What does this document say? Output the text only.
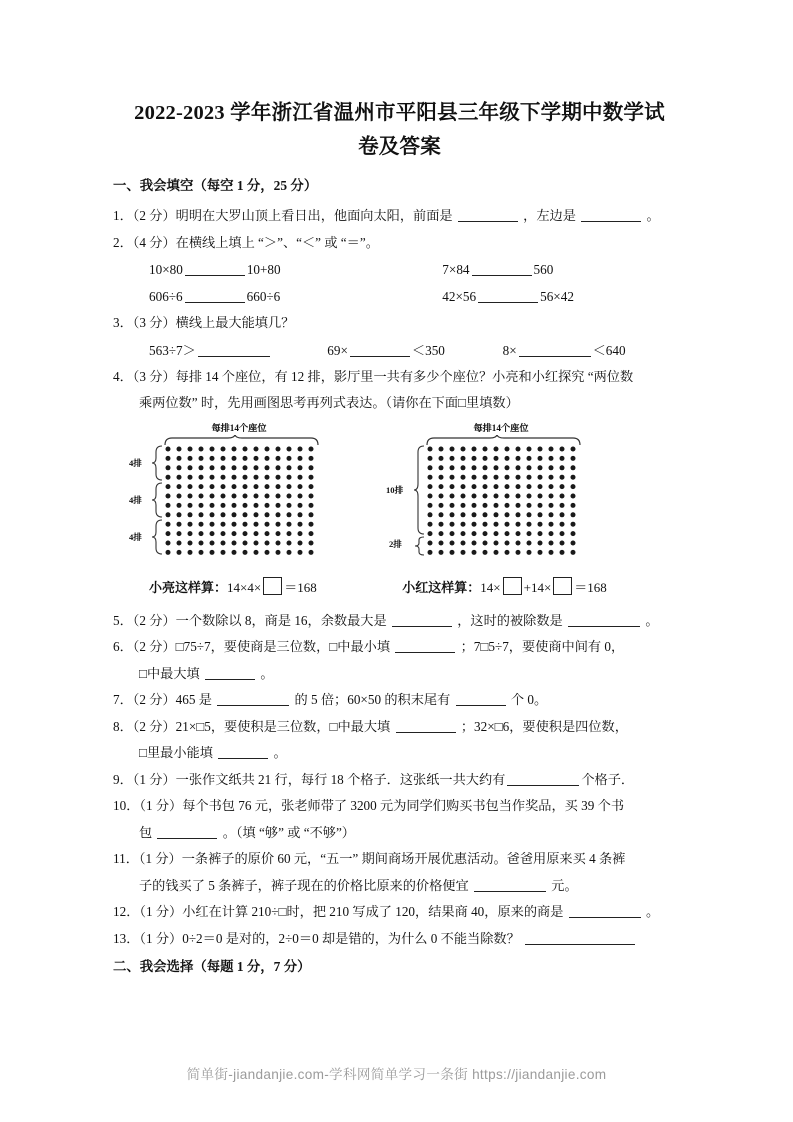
2022-2023 学年浙江省温州市平阳县三年级下学期中数学试
卷及答案
一、我会填空（每空 1 分，25 分）
1．（2 分）明明在大罗山顶上看日出，他面向太阳，前面是	，左边是	。
2．（4 分）在横线上填上 “＞”、“＜” 或 “＝”。
10×80	10+80	7×84	560
606÷6	660÷6	42×56	56×42
3．（3 分）横线上最大能填几？
563÷7＞	69×	＜350	8×	＜640
4．（3 分）每排 14 个座位，有 12 排，影厅里一共有多少个座位？小亮和小红探究 “两位数
乘两位数” 时，先用画图思考再列式表达。（请你在下面□里填数）
每排14个座位
4排
4排
4排
每排14个座位
10排
2排
小亮这样算：14×4× ＝168	小红这样算：14× +14× ＝168
5．（2 分）一个数除以 8，商是 16，余数最大是	，这时的被除数是	。
6．（2 分）□75÷7，要使商是三位数，□中最小填	；7□5÷7，要使商中间有 0，
□中最大填	。
7．（2 分）465 是	的 5 倍；60×50 的积末尾有	个 0。
8．（2 分）21×□5，要使积是三位数，□中最大填	；32×□6，要使积是四位数，
□里最小能填	。
9．（1 分）一张作文纸共 21 行，每行 18 个格子．这张纸一共大约有	个格子．
10．（1 分）每个书包 76 元，张老师带了 3200 元为同学们购买书包当作奖品，买 39 个书
包	。（填 “够” 或 “不够”）
11．（1 分）一条裤子的原价 60 元，“五一” 期间商场开展优惠活动。爸爸用原来买 4 条裤
子的钱买了 5 条裤子，裤子现在的价格比原来的价格便宜	元。
12．（1 分）小红在计算 210÷□时，把 210 写成了 120，结果商 40，原来的商是	。
13．（1 分）0÷2＝0 是对的，2÷0＝0 却是错的，为什么 0 不能当除数？
二、我会选择（每题 1 分，7 分）
简单街-jiandanjie.com-学科网简单学习一条街 https://jiandanjie.com
